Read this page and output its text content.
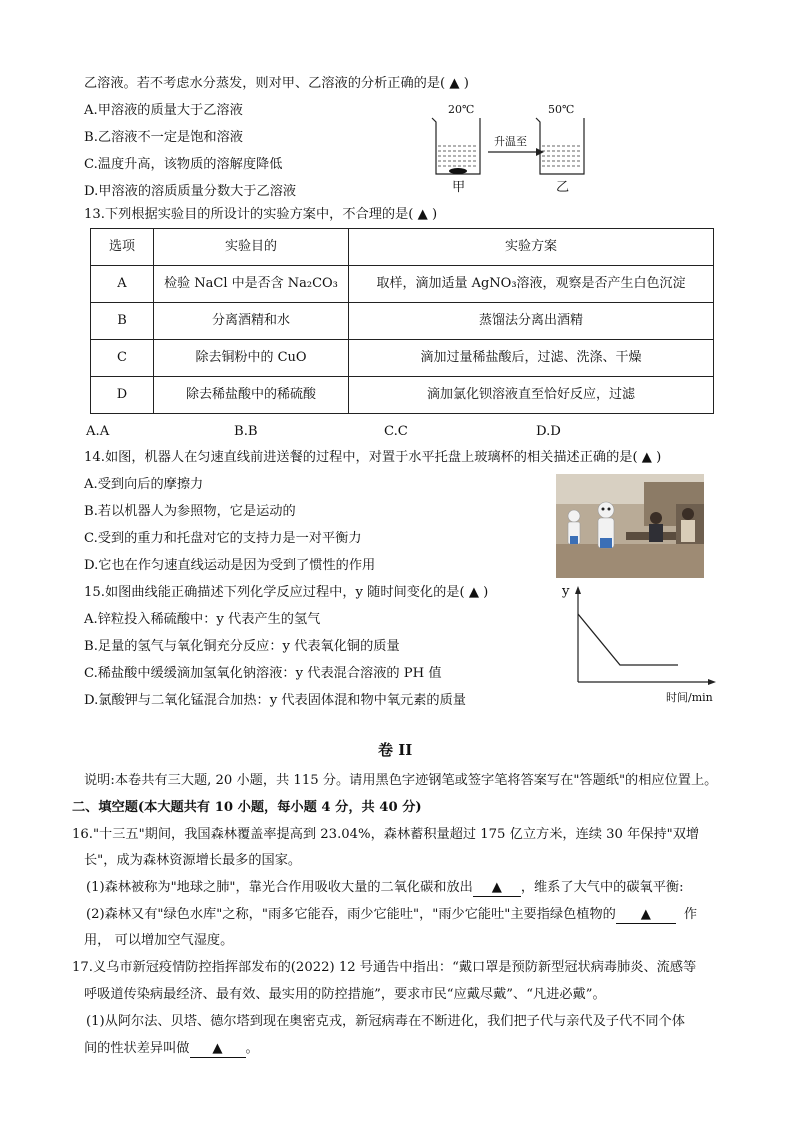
乙溶液。若不考虑水分蒸发，则对甲、乙溶液的分析正确的是( ▲ )
A.甲溶液的质量大于乙溶液
B.乙溶液不一定是饱和溶液
C.温度升高，该物质的溶解度降低
D.甲溶液的溶质质量分数大于乙溶液
20℃	50℃
升温至
甲	乙
13.下列根据实验目的所设计的实验方案中，不合理的是( ▲ )
选项	实验目的	实验方案
A	检验 NaCl 中是否含 Na₂CO₃	取样，滴加适量 AgNO₃溶液，观察是否产生白色沉淀
B	分离酒精和水	蒸馏法分离出酒精
C	除去铜粉中的 CuO	滴加过量稀盐酸后，过滤、洗涤、干燥
D	除去稀盐酸中的稀硫酸	滴加氯化钡溶液直至恰好反应，过滤
A.A	B.B	C.C	D.D
14.如图，机器人在匀速直线前进送餐的过程中，对置于水平托盘上玻璃杯的相关描述正确的是( ▲ )
A.受到向后的摩擦力
B.若以机器人为参照物，它是运动的
C.受到的重力和托盘对它的支持力是一对平衡力
D.它也在作匀速直线运动是因为受到了惯性的作用
15.如图曲线能正确描述下列化学反应过程中，y 随时间变化的是( ▲ )
A.锌粒投入稀硫酸中：y 代表产生的氢气
B.足量的氢气与氧化铜充分反应：y 代表氧化铜的质量
C.稀盐酸中缓缓滴加氢氧化钠溶液：y 代表混合溶液的 PH 值
D.氯酸钾与二氧化锰混合加热：y 代表固体混和物中氧元素的质量
y
时间/min
卷 II
说明:本卷共有三大题, 20 小题，共 115 分。请用黑色字迹钢笔或签字笔将答案写在"答题纸"的相应位置上。
二、填空题(本大题共有 10 小题，每小题 4 分，共 40 分)
16."十三五"期间，我国森林覆盖率提高到 23.04%，森林蓄积量超过 175 亿立方米，连续 30 年保持"双增
长"，成为森林资源增长最多的国家。
(1)森林被称为"地球之肺"，靠光合作用吸收大量的二氧化碳和放出 ▲ ，维系了大气中的碳氧平衡:
(2)森林又有"绿色水库"之称，"雨多它能吞，雨少它能吐"，"雨少它能吐"主要指绿色植物的 ▲ 作
用， 可以增加空气湿度。
17.义乌市新冠疫情防控指挥部发布的(2022) 12 号通告中指出：“戴口罩是预防新型冠状病毒肺炎、流感等
呼吸道传染病最经济、最有效、最实用的防控措施”，要求市民“应戴尽戴”、“凡进必戴”。
(1)从阿尔法、贝塔、德尔塔到现在奥密克戎，新冠病毒在不断进化，我们把子代与亲代及子代不同个体
间的性状差异叫做 ▲ 。
